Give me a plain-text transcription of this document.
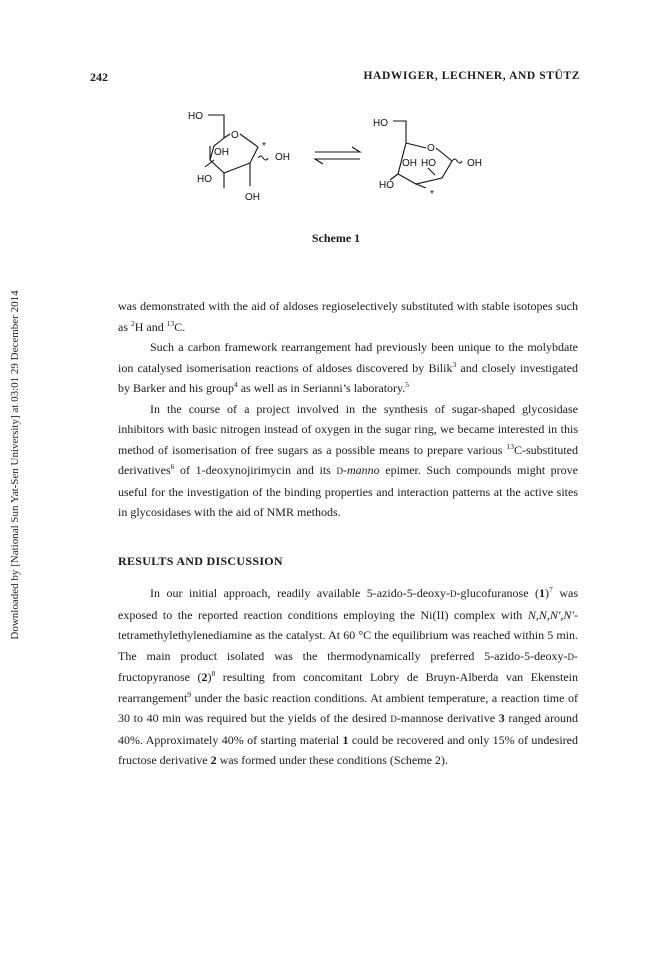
Downloaded by [National Sun Yat-Sen University] at 03:01 29 December 2014
242	HADWIGER, LECHNER, AND STÜTZ
HO
O
OH	OH
HO
OH
*
HO
O
OH HO	OH
HO
*
Scheme 1

was demonstrated with the aid of aldoses regioselectively substituted with stable isotopes such as $^2$H and $^{13}$C.

Such a carbon framework rearrangement had previously been unique to the molybdate ion catalysed isomerisation reactions of aldoses discovered by Bilik$^3$ and closely investigated by Barker and his group$^4$ as well as in Serianni’s laboratory.$^5$

In the course of a project involved in the synthesis of sugar-shaped glycosidase inhibitors with basic nitrogen instead of oxygen in the sugar ring, we became interested in this method of isomerisation of free sugars as a possible means to prepare various $^{13}$C-substituted derivatives$^6$ of 1-deoxynojirimycin and its D-manno epimer. Such compounds might prove useful for the investigation of the binding properties and interaction patterns at the active sites in glycosidases with the aid of NMR methods.

RESULTS AND DISCUSSION

In our initial approach, readily available 5-azido-5-deoxy-D-glucofuranose $(1)^7$ was exposed to the reported reaction conditions employing the Ni(II) complex with N,N,N',N'-tetramethylethylenediamine as the catalyst. At 60 °C the equilibrium was reached within 5 min. The main product isolated was the thermodynamically preferred 5-azido-5-deoxy-D-fructopyranose $(2)^8$ resulting from concomitant Lobry de Bruyn-Alberda van Ekenstein rearrangement$^9$ under the basic reaction conditions. At ambient temperature, a reaction time of 30 to 40 min was required but the yields of the desired D-mannose derivative 3 ranged around 40%. Approximately 40% of starting material 1 could be recovered and only 15% of undesired fructose derivative 2 was formed under these conditions (Scheme 2).
